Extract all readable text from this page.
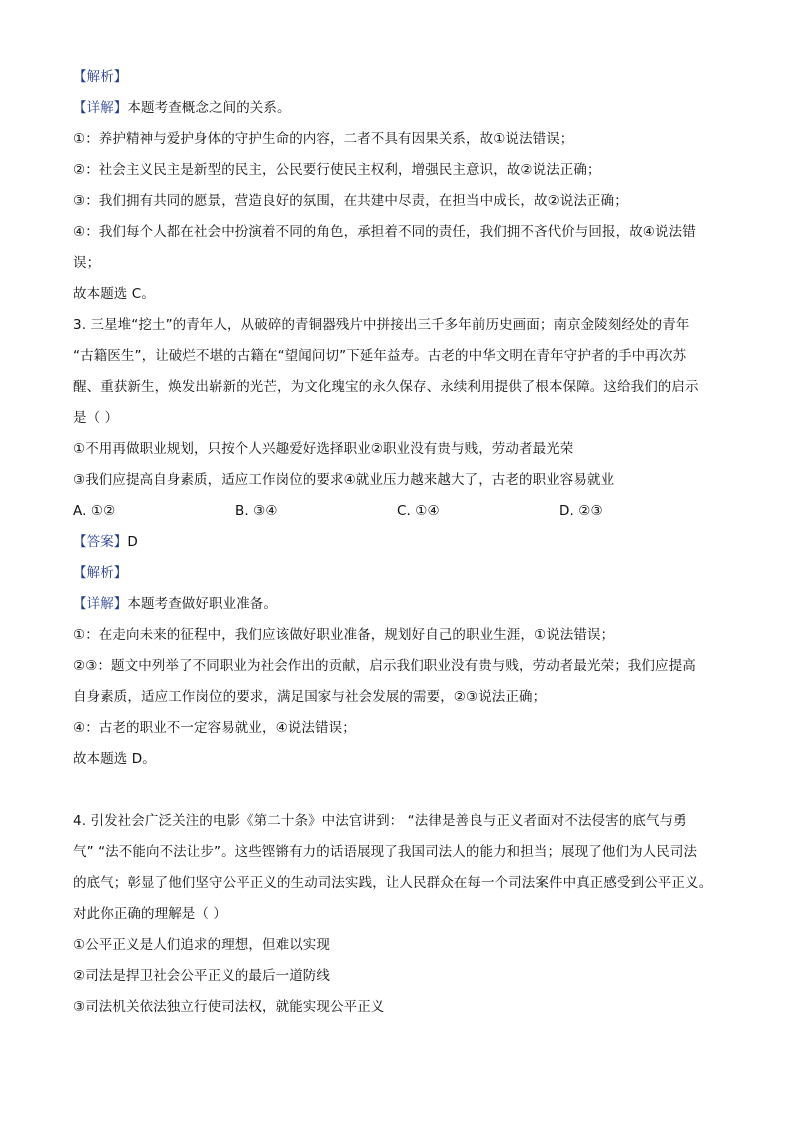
【解析】
【详解】本题考查概念之间的关系。
①：养护精神与爱护身体的守护生命的内容，二者不具有因果关系，故①说法错误；
②：社会主义民主是新型的民主，公民要行使民主权利，增强民主意识，故②说法正确；
③：我们拥有共同的愿景，营造良好的氛围，在共建中尽责，在担当中成长，故②说法正确；
④：我们每个人都在社会中扮演着不同的角色，承担着不同的责任，我们拥不吝代价与回报，故④说法错
误；
故本题选 C。
3. 三星堆“挖土”的青年人，从破碎的青铜器残片中拼接出三千多年前历史画面；南京金陵刻经处的青年
“古籍医生”，让破烂不堪的古籍在“望闻问切”下延年益寿。古老的中华文明在青年守护者的手中再次苏
醒、重获新生，焕发出崭新的光芒，为文化瑰宝的永久保存、永续利用提供了根本保障。这给我们的启示
是（ ）
①不用再做职业规划，只按个人兴趣爱好选择职业②职业没有贵与贱，劳动者最光荣
③我们应提高自身素质，适应工作岗位的要求④就业压力越来越大了，古老的职业容易就业
A. ①②	B. ③④	C. ①④	D. ②③
【答案】D
【解析】
【详解】本题考查做好职业准备。
①：在走向未来的征程中，我们应该做好职业准备，规划好自己的职业生涯，①说法错误；
②③：题文中列举了不同职业为社会作出的贡献，启示我们职业没有贵与贱，劳动者最光荣；我们应提高
自身素质，适应工作岗位的要求，满足国家与社会发展的需要，②③说法正确；
④：古老的职业不一定容易就业，④说法错误；
故本题选 D。
4. 引发社会广泛关注的电影《第二十条》中法官讲到： “法律是善良与正义者面对不法侵害的底气与勇
气” “法不能向不法让步”。这些铿锵有力的话语展现了我国司法人的能力和担当；展现了他们为人民司法
的底气；彰显了他们坚守公平正义的生动司法实践，让人民群众在每一个司法案件中真正感受到公平正义。
对此你正确的理解是（ ）
①公平正义是人们追求的理想，但难以实现
②司法是捍卫社会公平正义的最后一道防线
③司法机关依法独立行使司法权，就能实现公平正义
